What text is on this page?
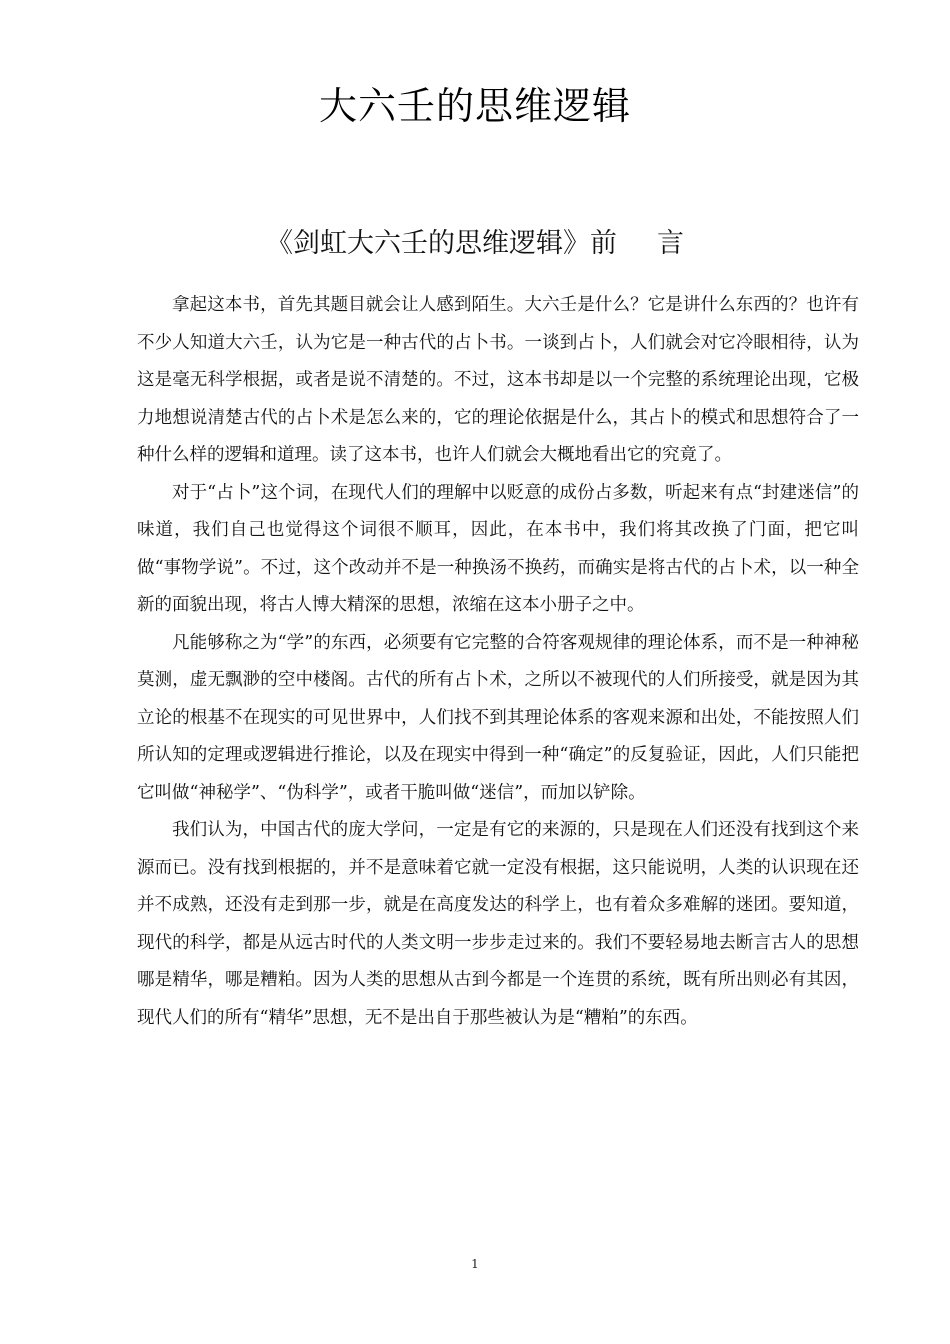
大六壬的思维逻辑
《剑虹大六壬的思维逻辑》前 言

拿起这本书，首先其题目就会让人感到陌生。大六壬是什么？它是讲什么东西的？也许有不少人知道大六壬，认为它是一种古代的占卜书。一谈到占卜，人们就会对它冷眼相待，认为这是毫无科学根据，或者是说不清楚的。不过，这本书却是以一个完整的系统理论出现，它极力地想说清楚古代的占卜术是怎么来的，它的理论依据是什么，其占卜的模式和思想符合了一种什么样的逻辑和道理。读了这本书，也许人们就会大概地看出它的究竟了。

对于“占卜”这个词，在现代人们的理解中以贬意的成份占多数，听起来有点“封建迷信”的味道，我们自己也觉得这个词很不顺耳，因此，在本书中，我们将其改换了门面，把它叫做“事物学说”。不过，这个改动并不是一种换汤不换药，而确实是将古代的占卜术，以一种全新的面貌出现，将古人博大精深的思想，浓缩在这本小册子之中。

凡能够称之为“学”的东西，必须要有它完整的合符客观规律的理论体系，而不是一种神秘莫测，虚无飘渺的空中楼阁。古代的所有占卜术，之所以不被现代的人们所接受，就是因为其立论的根基不在现实的可见世界中，人们找不到其理论体系的客观来源和出处，不能按照人们所认知的定理或逻辑进行推论，以及在现实中得到一种“确定”的反复验证，因此，人们只能把它叫做“神秘学”、“伪科学”，或者干脆叫做“迷信”，而加以铲除。

我们认为，中国古代的庞大学问，一定是有它的来源的，只是现在人们还没有找到这个来源而已。没有找到根据的，并不是意味着它就一定没有根据，这只能说明，人类的认识现在还并不成熟，还没有走到那一步，就是在高度发达的科学上，也有着众多难解的迷团。要知道，现代的科学，都是从远古时代的人类文明一步步走过来的。我们不要轻易地去断言古人的思想哪是精华，哪是糟粕。因为人类的思想从古到今都是一个连贯的系统，既有所出则必有其因，现代人们的所有“精华”思想，无不是出自于那些被认为是“糟粕”的东西。

1
